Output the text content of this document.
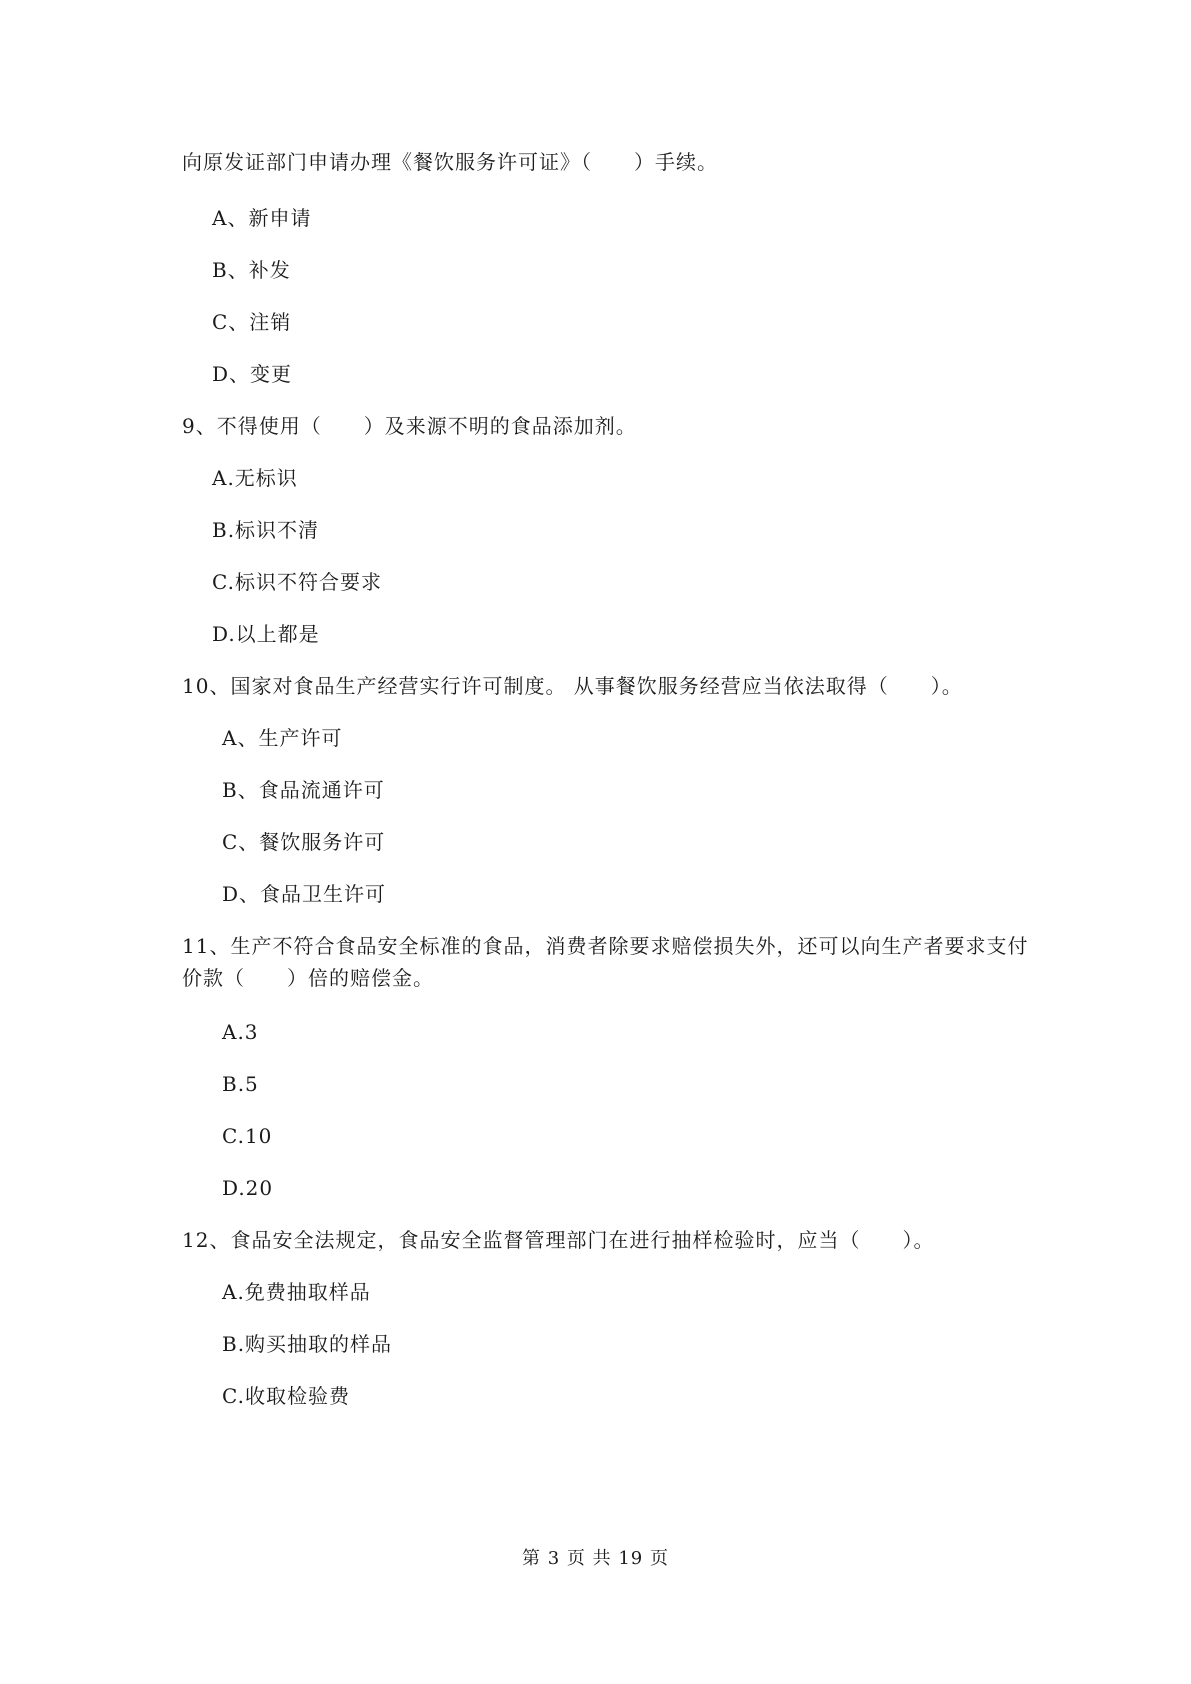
向原发证部门申请办理《餐饮服务许可证》（　　）手续。
A、新申请
B、补发
C、注销
D、变更
9、不得使用（　　）及来源不明的食品添加剂。
A.无标识
B.标识不清
C.标识不符合要求
D.以上都是
10、国家对食品生产经营实行许可制度。 从事餐饮服务经营应当依法取得（　　）。
A、生产许可
B、食品流通许可
C、餐饮服务许可
D、食品卫生许可
11、生产不符合食品安全标准的食品，消费者除要求赔偿损失外，还可以向生产者要求支付
价款（　　）倍的赔偿金。
A.3
B.5
C.10
D.20
12、食品安全法规定，食品安全监督管理部门在进行抽样检验时，应当（　　）。
A.免费抽取样品
B.购买抽取的样品
C.收取检验费
第 3 页 共 19 页
